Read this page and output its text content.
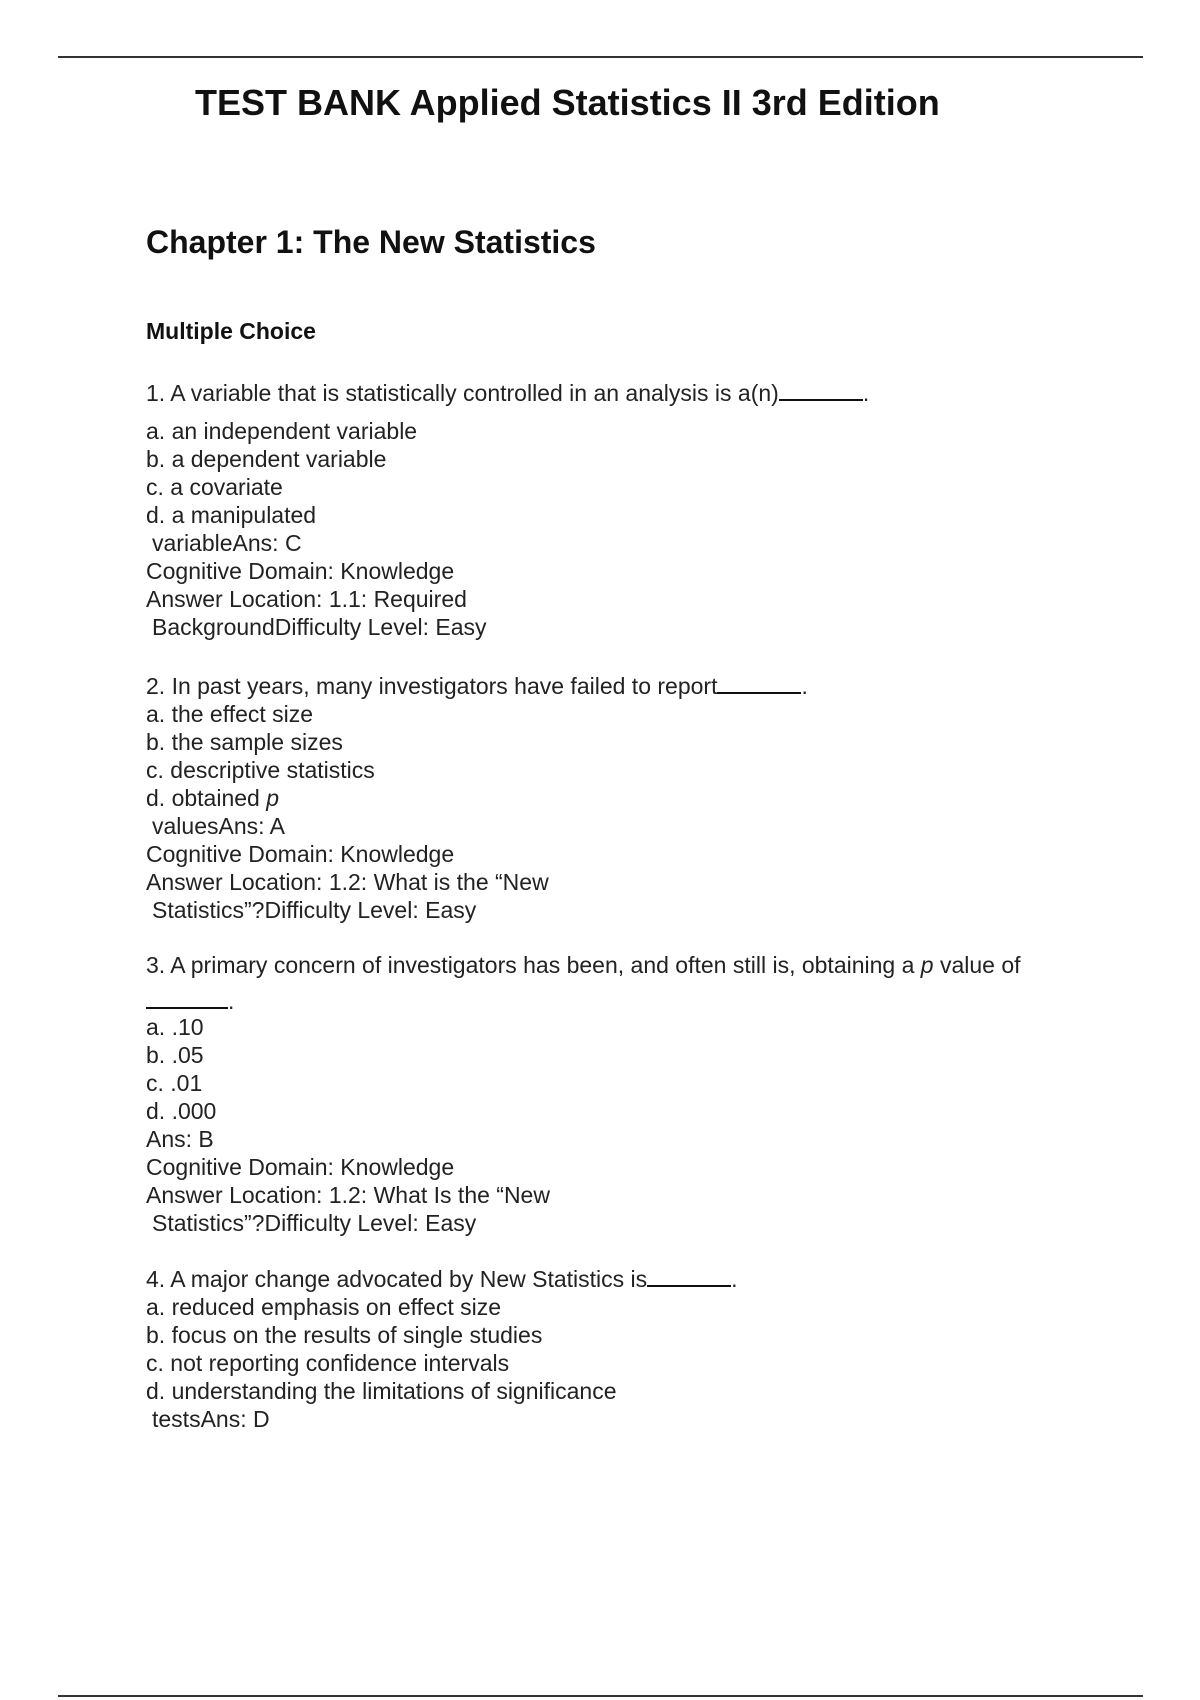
TEST BANK Applied Statistics II 3rd Edition
Chapter 1: The New Statistics
Multiple Choice
1. A variable that is statistically controlled in an analysis is a(n)	.
a. an independent variable
b. a dependent variable
c. a covariate
d. a manipulated
variableAns: C
Cognitive Domain: Knowledge
Answer Location: 1.1: Required
BackgroundDifficulty Level: Easy
2. In past years, many investigators have failed to report	.
a. the effect size
b. the sample sizes
c. descriptive statistics
d. obtained p
valuesAns: A
Cognitive Domain: Knowledge
Answer Location: 1.2: What is the “New
Statistics”?Difficulty Level: Easy
3. A primary concern of investigators has been, and often still is, obtaining a p value of
.
a. .10
b. .05
c. .01
d. .000
Ans: B
Cognitive Domain: Knowledge
Answer Location: 1.2: What Is the “New
Statistics”?Difficulty Level: Easy
4. A major change advocated by New Statistics is	.
a. reduced emphasis on effect size
b. focus on the results of single studies
c. not reporting confidence intervals
d. understanding the limitations of significance
testsAns: D
